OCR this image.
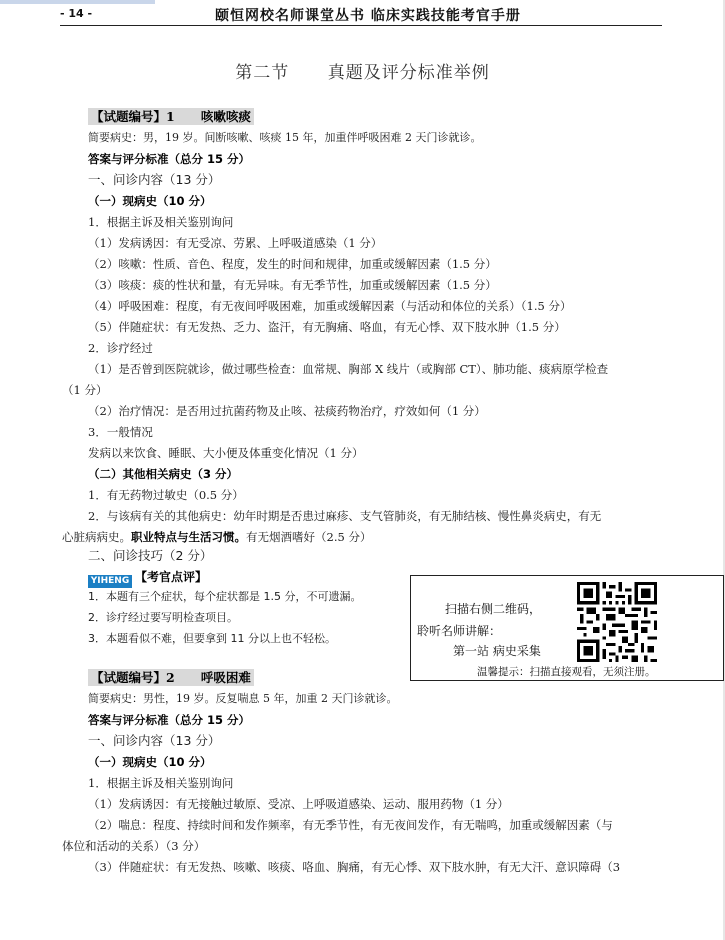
- 14 -	颐恒网校名师课堂丛书 临床实践技能考官手册
第二节      真题及评分标准举例
【试题编号】1 咳嗽咳痰
简要病史：男，19 岁。间断咳嗽、咳痰 15 年，加重伴呼吸困难 2 天门诊就诊。
答案与评分标准（总分 15 分）
一、问诊内容（13 分）
（一）现病史（10 分）
1．根据主诉及相关鉴别询问
（1）发病诱因：有无受凉、劳累、上呼吸道感染（1 分）
（2）咳嗽：性质、音色、程度，发生的时间和规律，加重或缓解因素（1.5 分）
（3）咳痰：痰的性状和量，有无异味。有无季节性，加重或缓解因素（1.5 分）
（4）呼吸困难：程度，有无夜间呼吸困难，加重或缓解因素（与活动和体位的关系）（1.5 分）
（5）伴随症状：有无发热、乏力、盗汗，有无胸痛、咯血，有无心悸、双下肢水肿（1.5 分）
2．诊疗经过
（1）是否曾到医院就诊，做过哪些检查：血常规、胸部 X 线片（或胸部 CT）、肺功能、痰病原学检查
（1 分）
（2）治疗情况：是否用过抗菌药物及止咳、祛痰药物治疗，疗效如何（1 分）
3．一般情况
发病以来饮食、睡眠、大小便及体重变化情况（1 分）
（二）其他相关病史（3 分）
1．有无药物过敏史（0.5 分）
2．与该病有关的其他病史：幼年时期是否患过麻疹、支气管肺炎，有无肺结核、慢性鼻炎病史，有无
心脏病病史。职业特点与生活习惯。有无烟酒嗜好（2.5 分）
二、问诊技巧（2 分）
YIHENG 【考官点评】
1．本题有三个症状，每个症状都是 1.5 分，不可遗漏。
2．诊疗经过要写明检查项目。
3．本题看似不难，但要拿到 11 分以上也不轻松。
扫描右侧二维码，
聆听名师讲解：
第一站 病史采集
温馨提示：扫描直接观看，无须注册。
【试题编号】2 呼吸困难
简要病史：男性，19 岁。反复喘息 5 年，加重 2 天门诊就诊。
答案与评分标准（总分 15 分）
一、问诊内容（13 分）
（一）现病史（10 分）
1．根据主诉及相关鉴别询问
（1）发病诱因：有无接触过敏原、受凉、上呼吸道感染、运动、服用药物（1 分）
（2）喘息：程度、持续时间和发作频率，有无季节性，有无夜间发作，有无喘鸣，加重或缓解因素（与
体位和活动的关系）（3 分）
（3）伴随症状：有无发热、咳嗽、咳痰、咯血、胸痛，有无心悸、双下肢水肿，有无大汗、意识障碍（3
